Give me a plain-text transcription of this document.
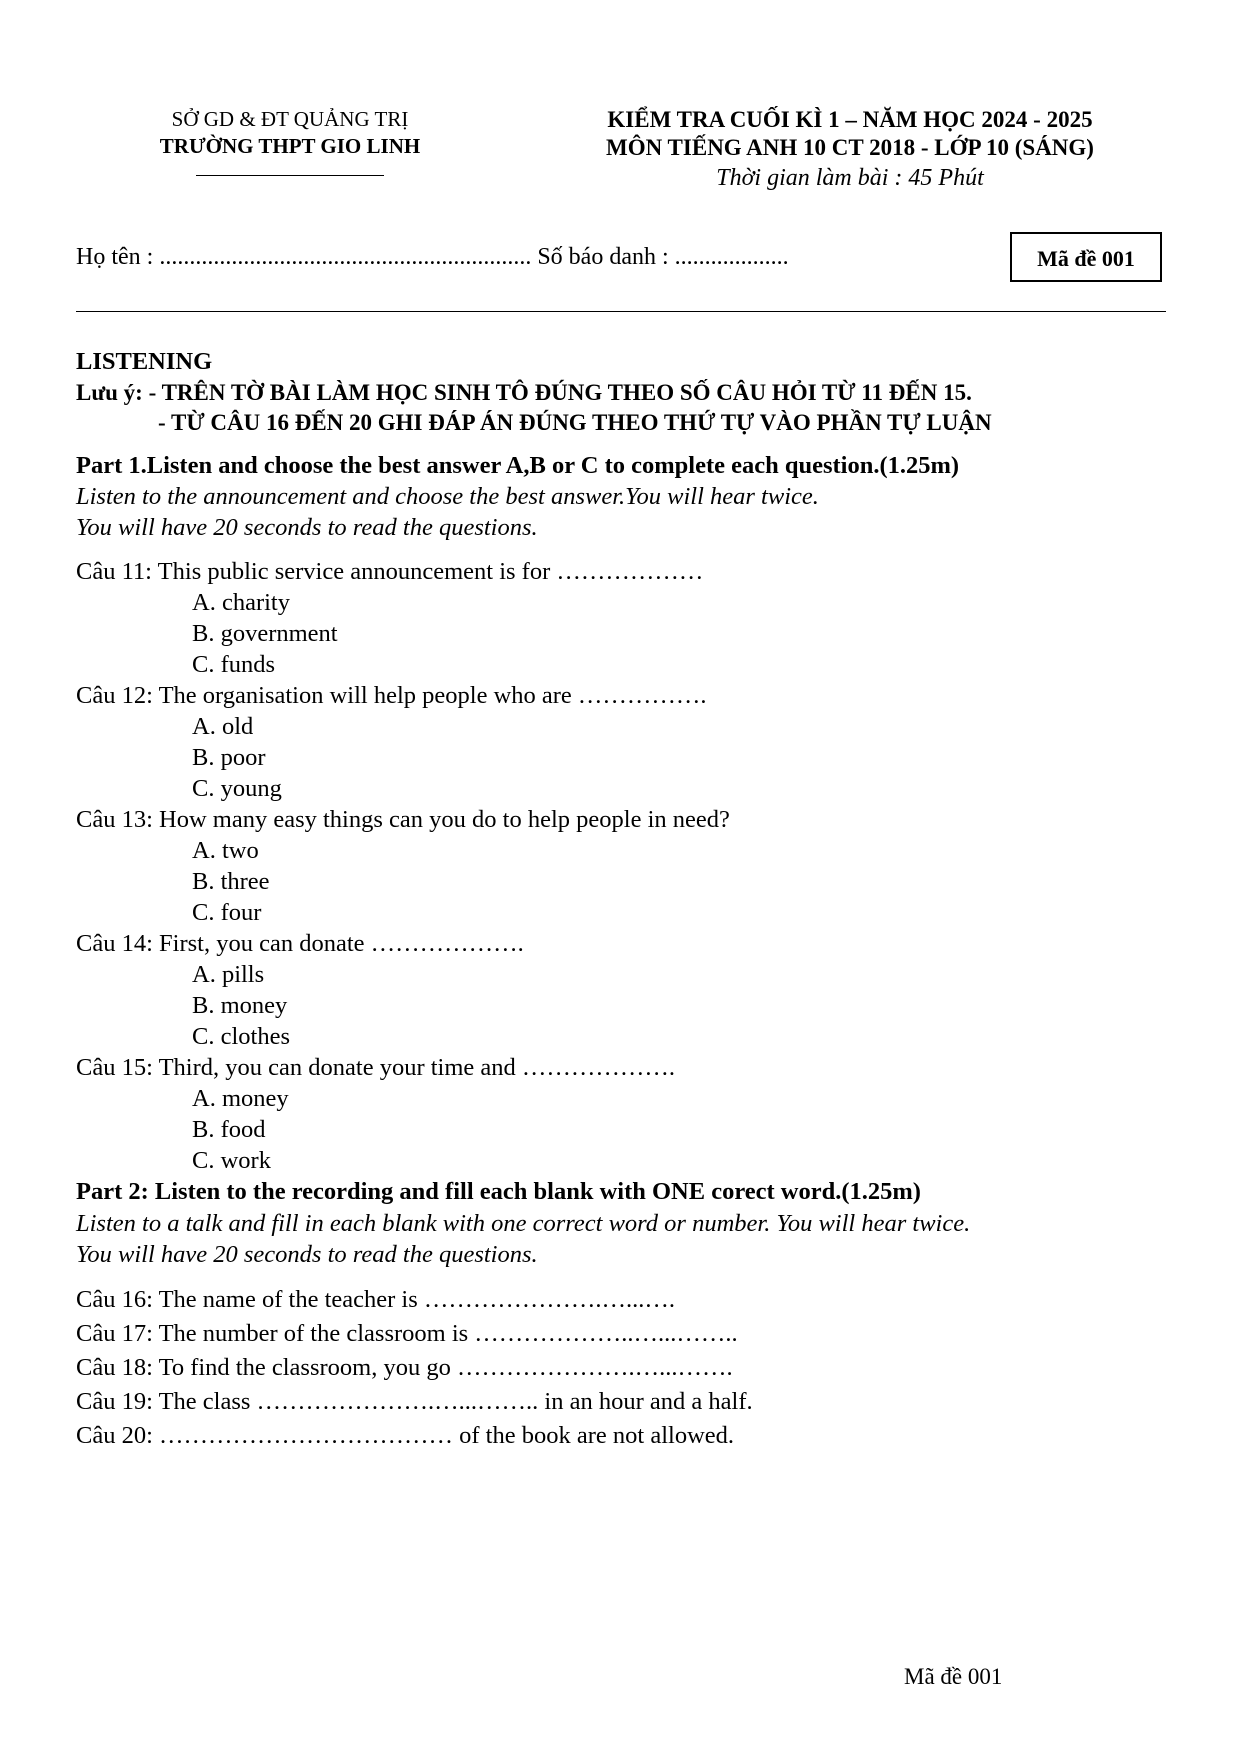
SỞ GD & ĐT QUẢNG TRỊ
TRƯỜNG THPT GIO LINH
KIỂM TRA CUỐI KÌ 1 – NĂM HỌC 2024 - 2025
MÔN TIẾNG ANH 10 CT 2018 - LỚP 10 (SÁNG)
Thời gian làm bài : 45 Phút
Họ tên : .............................................................. Số báo danh : ...................	Mã đề 001
LISTENING
Lưu ý: - TRÊN TỜ BÀI LÀM HỌC SINH TÔ ĐÚNG THEO SỐ CÂU HỎI TỪ 11 ĐẾN 15.
- TỪ CÂU 16 ĐẾN 20 GHI ĐÁP ÁN ĐÚNG THEO THỨ TỰ VÀO PHẦN TỰ LUẬN
Part 1.Listen and choose the best answer A,B or C to complete each question.(1.25m)
Listen to the announcement and choose the best answer.You will hear twice.
You will have 20 seconds to read the questions.
Câu 11: This public service announcement is for ………………
A. charity
B. government
C. funds
Câu 12: The organisation will help people who are …………….
A. old
B. poor
C. young
Câu 13: How many easy things can you do to help people in need?
A. two
B. three
C. four
Câu 14: First, you can donate ……………….
A. pills
B. money
C. clothes
Câu 15: Third, you can donate your time and ……………….
A. money
B. food
C. work
Part 2: Listen to the recording and fill each blank with ONE corect word.(1.25m)
Listen to a talk and fill in each blank with one correct word or number. You will hear twice.
You will have 20 seconds to read the questions.
Câu 16: The name of the teacher is ………………….…...….
Câu 17: The number of the classroom is ………………..…...……..
Câu 18: To find the classroom, you go ………………….…...…….
Câu 19: The class ………………….…...…….. in an hour and a half.
Câu 20: ……………………………… of the book are not allowed.
Mã đề 001
